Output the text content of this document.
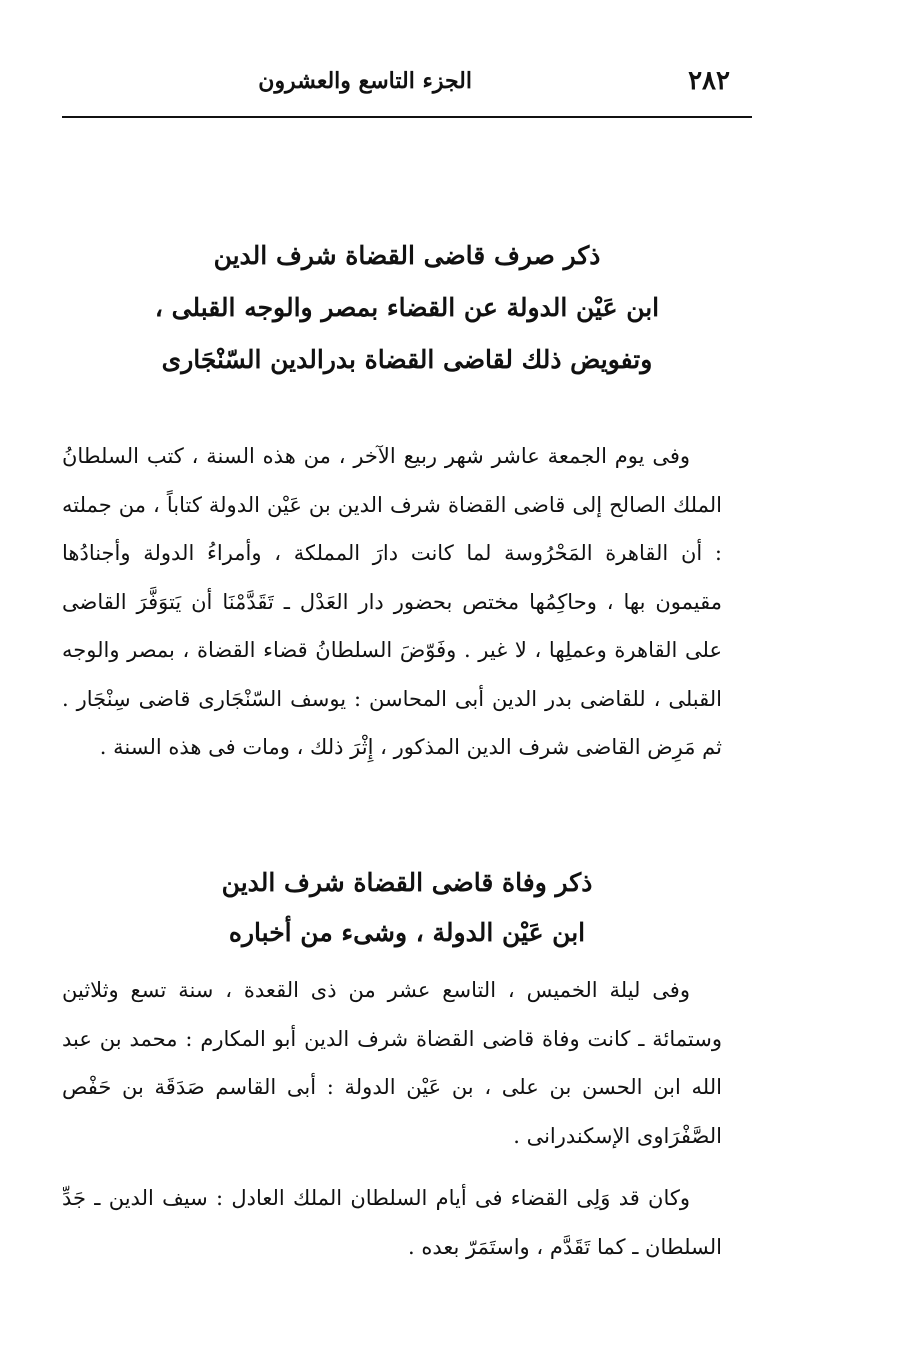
٢٨٢
الجزء التاسع والعشرون
ذكر صرف قاضى القضاة شرف الدين
ابن عَيْن الدولة عن القضاء بمصر والوجه القبلى ،
وتفويض ذلك لقاضى القضاة بدرالدين السّنْجَارى

وفى يوم الجمعة عاشر شهر ربيع الآخر ، من هذه السنة ، كتب السلطانُ الملك الصالح إلى قاضى القضاة شرف الدين بن عَيْن الدولة كتاباً ، من جملته : أن القاهرة المَحْرُوسة لما كانت دارَ المملكة ، وأمراءُ الدولة وأجنادُها مقيمون بها ، وحاكِمُها مختص بحضور دار العَدْل ـ تَقَدَّمْنَا أن يَتوَفَّرَ القاضى على القاهرة وعملِها ، لا غير . وفَوّضَ السلطانُ قضاء القضاة ، بمصر والوجه القبلى ، للقاضى بدر الدين أبى المحاسن : يوسف السّنْجَارى قاضى سِنْجَار . ثم مَرِض القاضى شرف الدين المذكور ، إِثْرَ ذلك ، ومات فى هذه السنة .

ذكر وفاة قاضى القضاة شرف الدين
ابن عَيْن الدولة ، وشىء من أخباره

وفى ليلة الخميس ، التاسع عشر من ذى القعدة ، سنة تسع وثلاثين وستمائة ـ كانت وفاة قاضى القضاة شرف الدين أبو المكارم : محمد بن عبد الله ابن الحسن بن على ، بن عَيْن الدولة : أبى القاسم صَدَقَة بن حَفْص الصَّفْرَاوى الإسكندرانى .

وكان قد وَلِى القضاء فى أيام السلطان الملك العادل : سيف الدين ـ جَدِّ السلطان ـ كما تَقَدَّم ، واستَمَرّ بعده .
